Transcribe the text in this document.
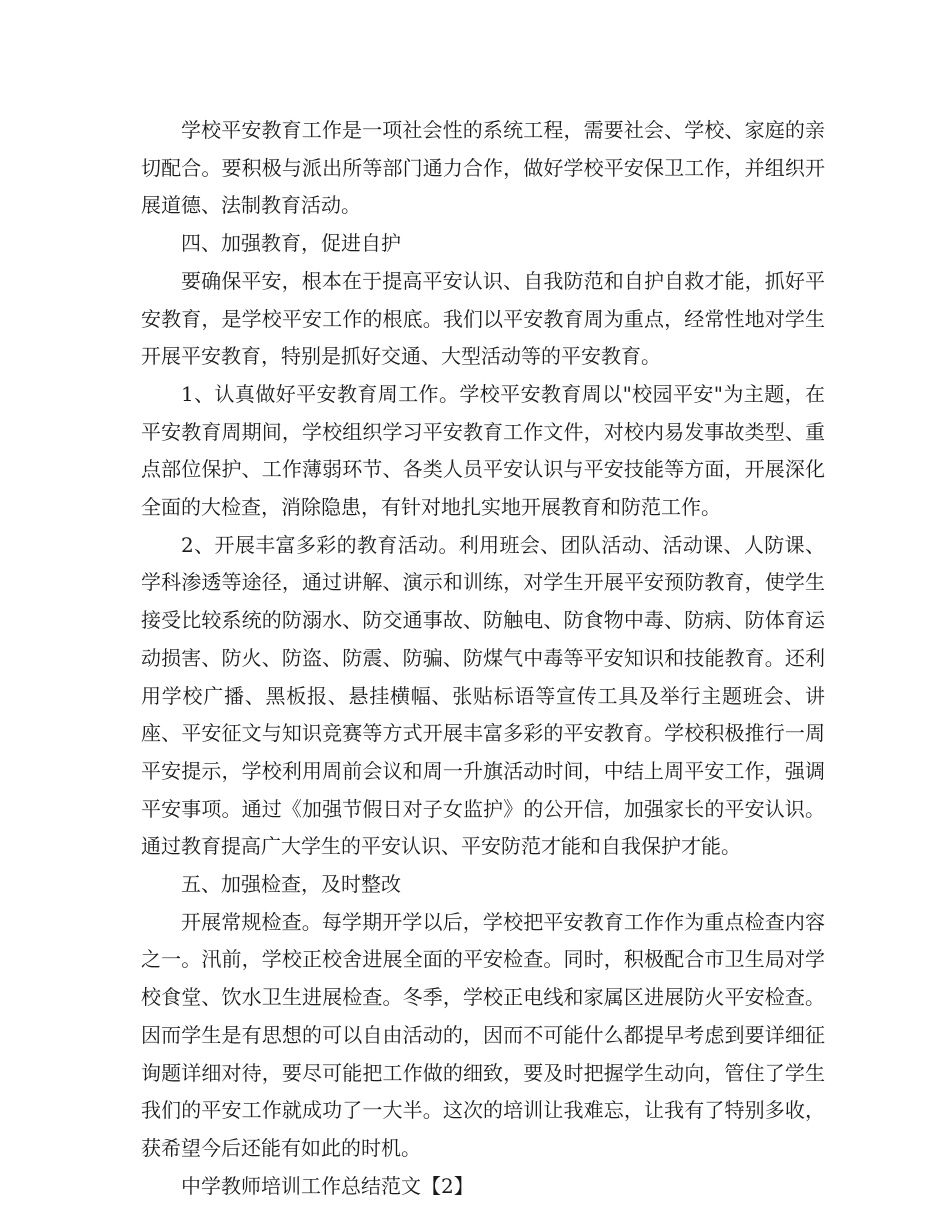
学校平安教育工作是一项社会性的系统工程，需要社会、学校、家庭的亲切配合。要积极与派出所等部门通力合作，做好学校平安保卫工作，并组织开展道德、法制教育活动。

四、加强教育，促进自护

要确保平安，根本在于提高平安认识、自我防范和自护自救才能，抓好平安教育，是学校平安工作的根底。我们以平安教育周为重点，经常性地对学生开展平安教育，特别是抓好交通、大型活动等的平安教育。

1、认真做好平安教育周工作。学校平安教育周以"校园平安"为主题，在平安教育周期间，学校组织学习平安教育工作文件，对校内易发事故类型、重点部位保护、工作薄弱环节、各类人员平安认识与平安技能等方面，开展深化全面的大检查，消除隐患，有针对地扎实地开展教育和防范工作。

2、开展丰富多彩的教育活动。利用班会、团队活动、活动课、人防课、学科渗透等途径，通过讲解、演示和训练，对学生开展平安预防教育，使学生接受比较系统的防溺水、防交通事故、防触电、防食物中毒、防病、防体育运动损害、防火、防盗、防震、防骗、防煤气中毒等平安知识和技能教育。还利用学校广播、黑板报、悬挂横幅、张贴标语等宣传工具及举行主题班会、讲座、平安征文与知识竞赛等方式开展丰富多彩的平安教育。学校积极推行一周平安提示，学校利用周前会议和周一升旗活动时间，中结上周平安工作，强调平安事项。通过《加强节假日对子女监护》的公开信，加强家长的平安认识。通过教育提高广大学生的平安认识、平安防范才能和自我保护才能。

五、加强检查，及时整改

开展常规检查。每学期开学以后，学校把平安教育工作作为重点检查内容之一。汛前，学校正校舍进展全面的平安检查。同时，积极配合市卫生局对学校食堂、饮水卫生进展检查。冬季，学校正电线和家属区进展防火平安检查。因而学生是有思想的可以自由活动的，因而不可能什么都提早考虑到要详细征询题详细对待，要尽可能把工作做的细致，要及时把握学生动向，管住了学生我们的平安工作就成功了一大半。这次的培训让我难忘，让我有了特别多收，获希望今后还能有如此的时机。

中学教师培训工作总结范文【2】
